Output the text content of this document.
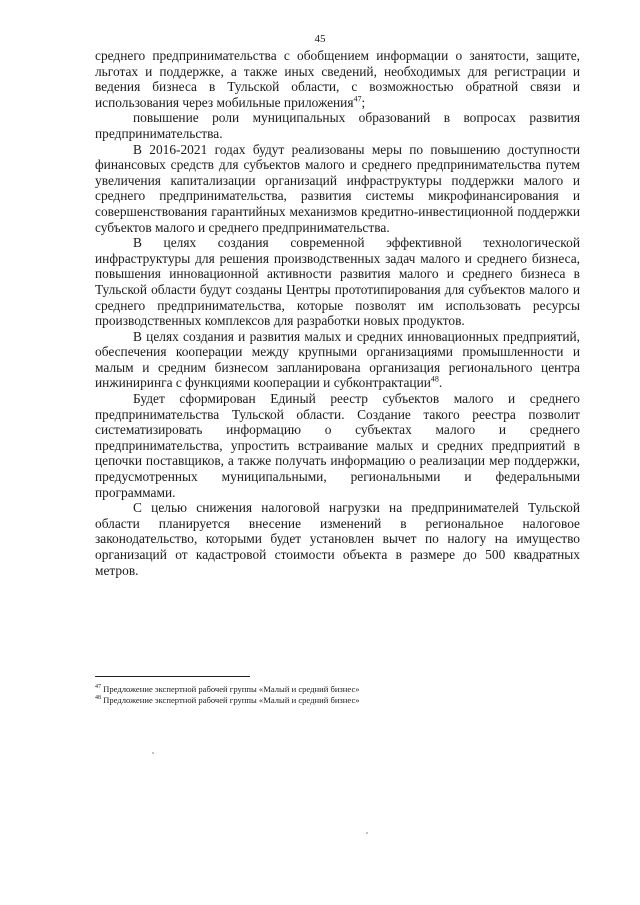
45

среднего предпринимательства с обобщением информации о занятости, защите, льготах и поддержке, а также иных сведений, необходимых для регистрации и ведения бизнеса в Тульской области, с возможностью обратной связи и использования через мобильные приложения$^{47}$;

повышение роли муниципальных образований в вопросах развития предпринимательства.

В 2016-2021 годах будут реализованы меры по повышению доступности финансовых средств для субъектов малого и среднего предпринимательства путем увеличения капитализации организаций инфраструктуры поддержки малого и среднего предпринимательства, развития системы микрофинансирования и совершенствования гарантийных механизмов кредитно-инвестиционной поддержки субъектов малого и среднего предпринимательства.

В целях создания современной эффективной технологической инфраструктуры для решения производственных задач малого и среднего бизнеса, повышения инновационной активности развития малого и среднего бизнеса в Тульской области будут созданы Центры прототипирования для субъектов малого и среднего предпринимательства, которые позволят им использовать ресурсы производственных комплексов для разработки новых продуктов.

В целях создания и развития малых и средних инновационных предприятий, обеспечения кооперации между крупными организациями промышленности и малым и средним бизнесом запланирована организация регионального центра инжиниринга с функциями кооперации и субконтрактации$^{48}$.

Будет сформирован Единый реестр субъектов малого и среднего предпринимательства Тульской области. Создание такого реестра позволит систематизировать информацию о субъектах малого и среднего предпринимательства, упростить встраивание малых и средних предприятий в цепочки поставщиков, а также получать информацию о реализации мер поддержки, предусмотренных муниципальными, региональными и федеральными программами.

С целью снижения налоговой нагрузки на предпринимателей Тульской области планируется внесение изменений в региональное налоговое законодательство, которыми будет установлен вычет по налогу на имущество организаций от кадастровой стоимости объекта в размере до 500 квадратных метров.

$^{47}$ Предложение экспертной рабочей группы «Малый и средний бизнес»
$^{48}$ Предложение экспертной рабочей группы «Малый и средний бизнес»
